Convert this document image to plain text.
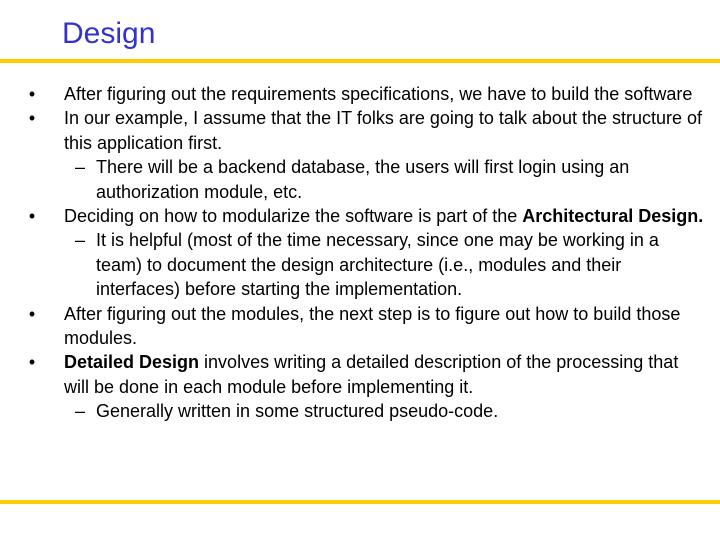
Design
• After figuring out the requirements specifications, we have to build the software
• In our example, I assume that the IT folks are going to talk about the structure of this application first.
– There will be a backend database, the users will first login using an authorization module, etc.
• Deciding on how to modularize the software is part of the Architectural Design.
– It is helpful (most of the time necessary, since one may be working in a team) to document the design architecture (i.e., modules and their interfaces) before starting the implementation.
• After figuring out the modules, the next step is to figure out how to build those modules.
• Detailed Design involves writing a detailed description of the processing that will be done in each module before implementing it.
– Generally written in some structured pseudo-code.
